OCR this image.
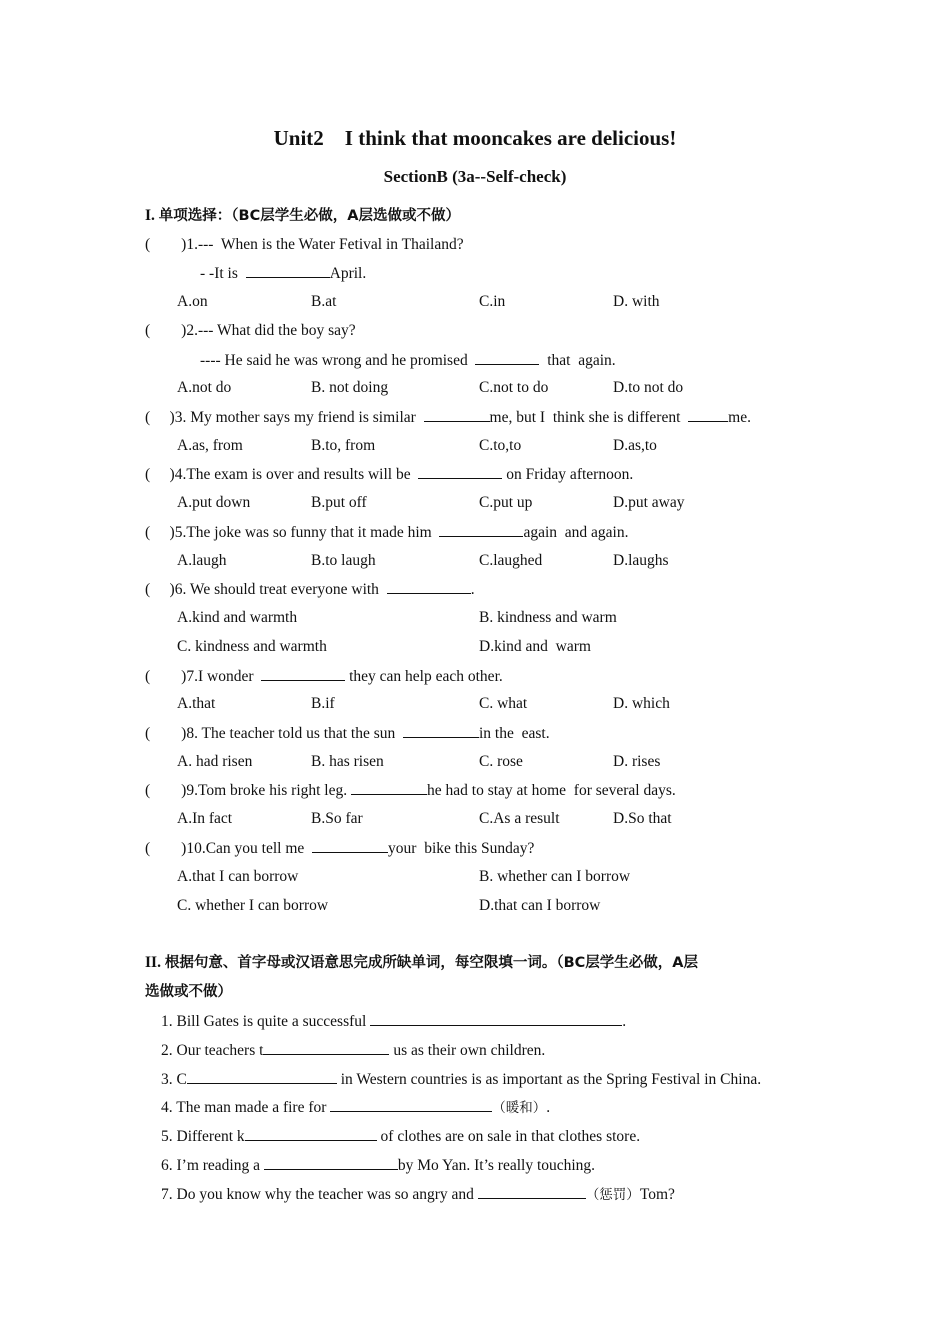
Unit2    I think that mooncakes are delicious!
SectionB (3a--Self-check)
I. 单项选择：（BC层学生必做，A层选做或不做）
( )1.---  When is the Water Fetival in Thailand?
- -It is	April.
A.on	B.at	C.in	D. with
( )2.--- What did the boy say?
---- He said he was wrong and he promised	that  again.
A.not do	B. not doing	C.not to do	D.to not do
( )3. My mother says my friend is similar	me, but I  think she is different	me.
A.as, from	B.to, from	C.to,to	D.as,to
( )4.The exam is over and results will be	on Friday afternoon.
A.put down	B.put off	C.put up	D.put away
( )5.The joke was so funny that it made him	again  and again.
A.laugh	B.to laugh	C.laughed	D.laughs
( )6. We should treat everyone with	.
A.kind and warmth	B. kindness and warm
C. kindness and warmth	D.kind and  warm
( )7.I wonder	they can help each other.
A.that	B.if	C. what	D. which
( )8. The teacher told us that the sun	in the  east.
A. had risen	B. has risen	C. rose	D. rises
( )9.Tom broke his right leg.	he had to stay at home  for several days.
A.In fact	B.So far	C.As a result	D.So that
( )10.Can you tell me	your  bike this Sunday?
A.that I can borrow	B. whether can I borrow
C. whether I can borrow	D.that can I borrow
II. 根据句意、首字母或汉语意思完成所缺单词，每空限填一词。（BC层学生必做，A层
选做或不做）
1. Bill Gates is quite a successful	.
2. Our teachers t	us as their own children.
3. C	in Western countries is as important as the Spring Festival in China.
4. The man made a fire for	（暖和）.
5. Different k	of clothes are on sale in that clothes store.
6. I’m reading a	by Mo Yan. It’s really touching.
7. Do you know why the teacher was so angry and	（惩罚）Tom?
